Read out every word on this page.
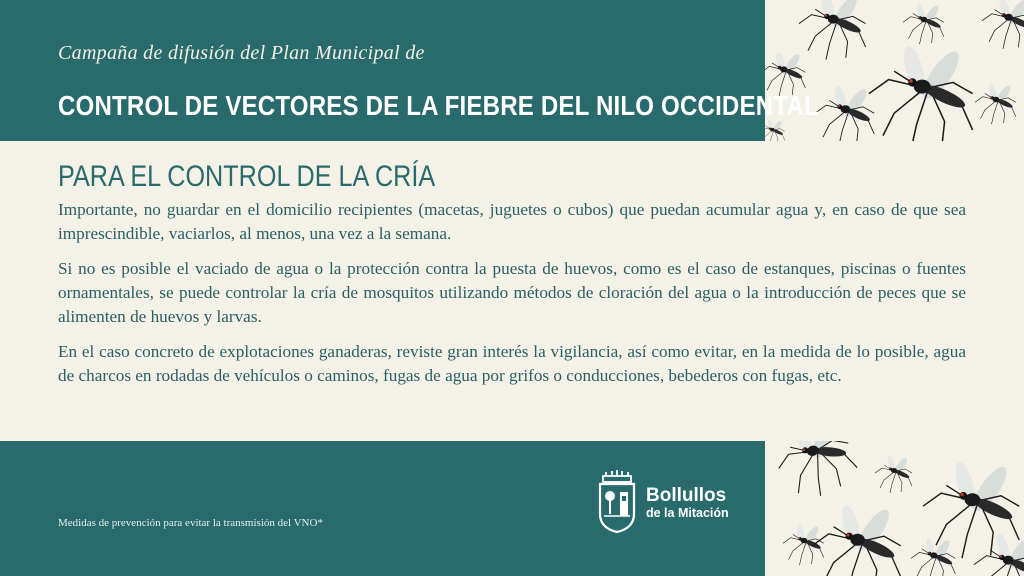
Campaña de difusión del Plan Municipal de
CONTROL DE VECTORES DE LA FIEBRE DEL NILO OCCIDENTAL
PARA EL CONTROL DE LA CRÍA

Importante, no guardar en el domicilio recipientes (macetas, juguetes o cubos) que puedan acumular agua y, en caso de que sea imprescindible, vaciarlos, al menos, una vez a la semana.

Si no es posible el vaciado de agua o la protección contra la puesta de huevos, como es el caso de estanques, piscinas o fuentes ornamentales, se puede controlar la cría de mosquitos utilizando métodos de cloración del agua o la introducción de peces que se alimenten de huevos y larvas.

En el caso concreto de explotaciones ganaderas, reviste gran interés la vigilancia, así como evitar, en la medida de lo posible, agua de charcos en rodadas de vehículos o caminos, fugas de agua por grifos o conducciones, bebederos con fugas, etc.

Medidas de prevención para evitar la transmisión del VNO*
Bollullos
de la Mitación
